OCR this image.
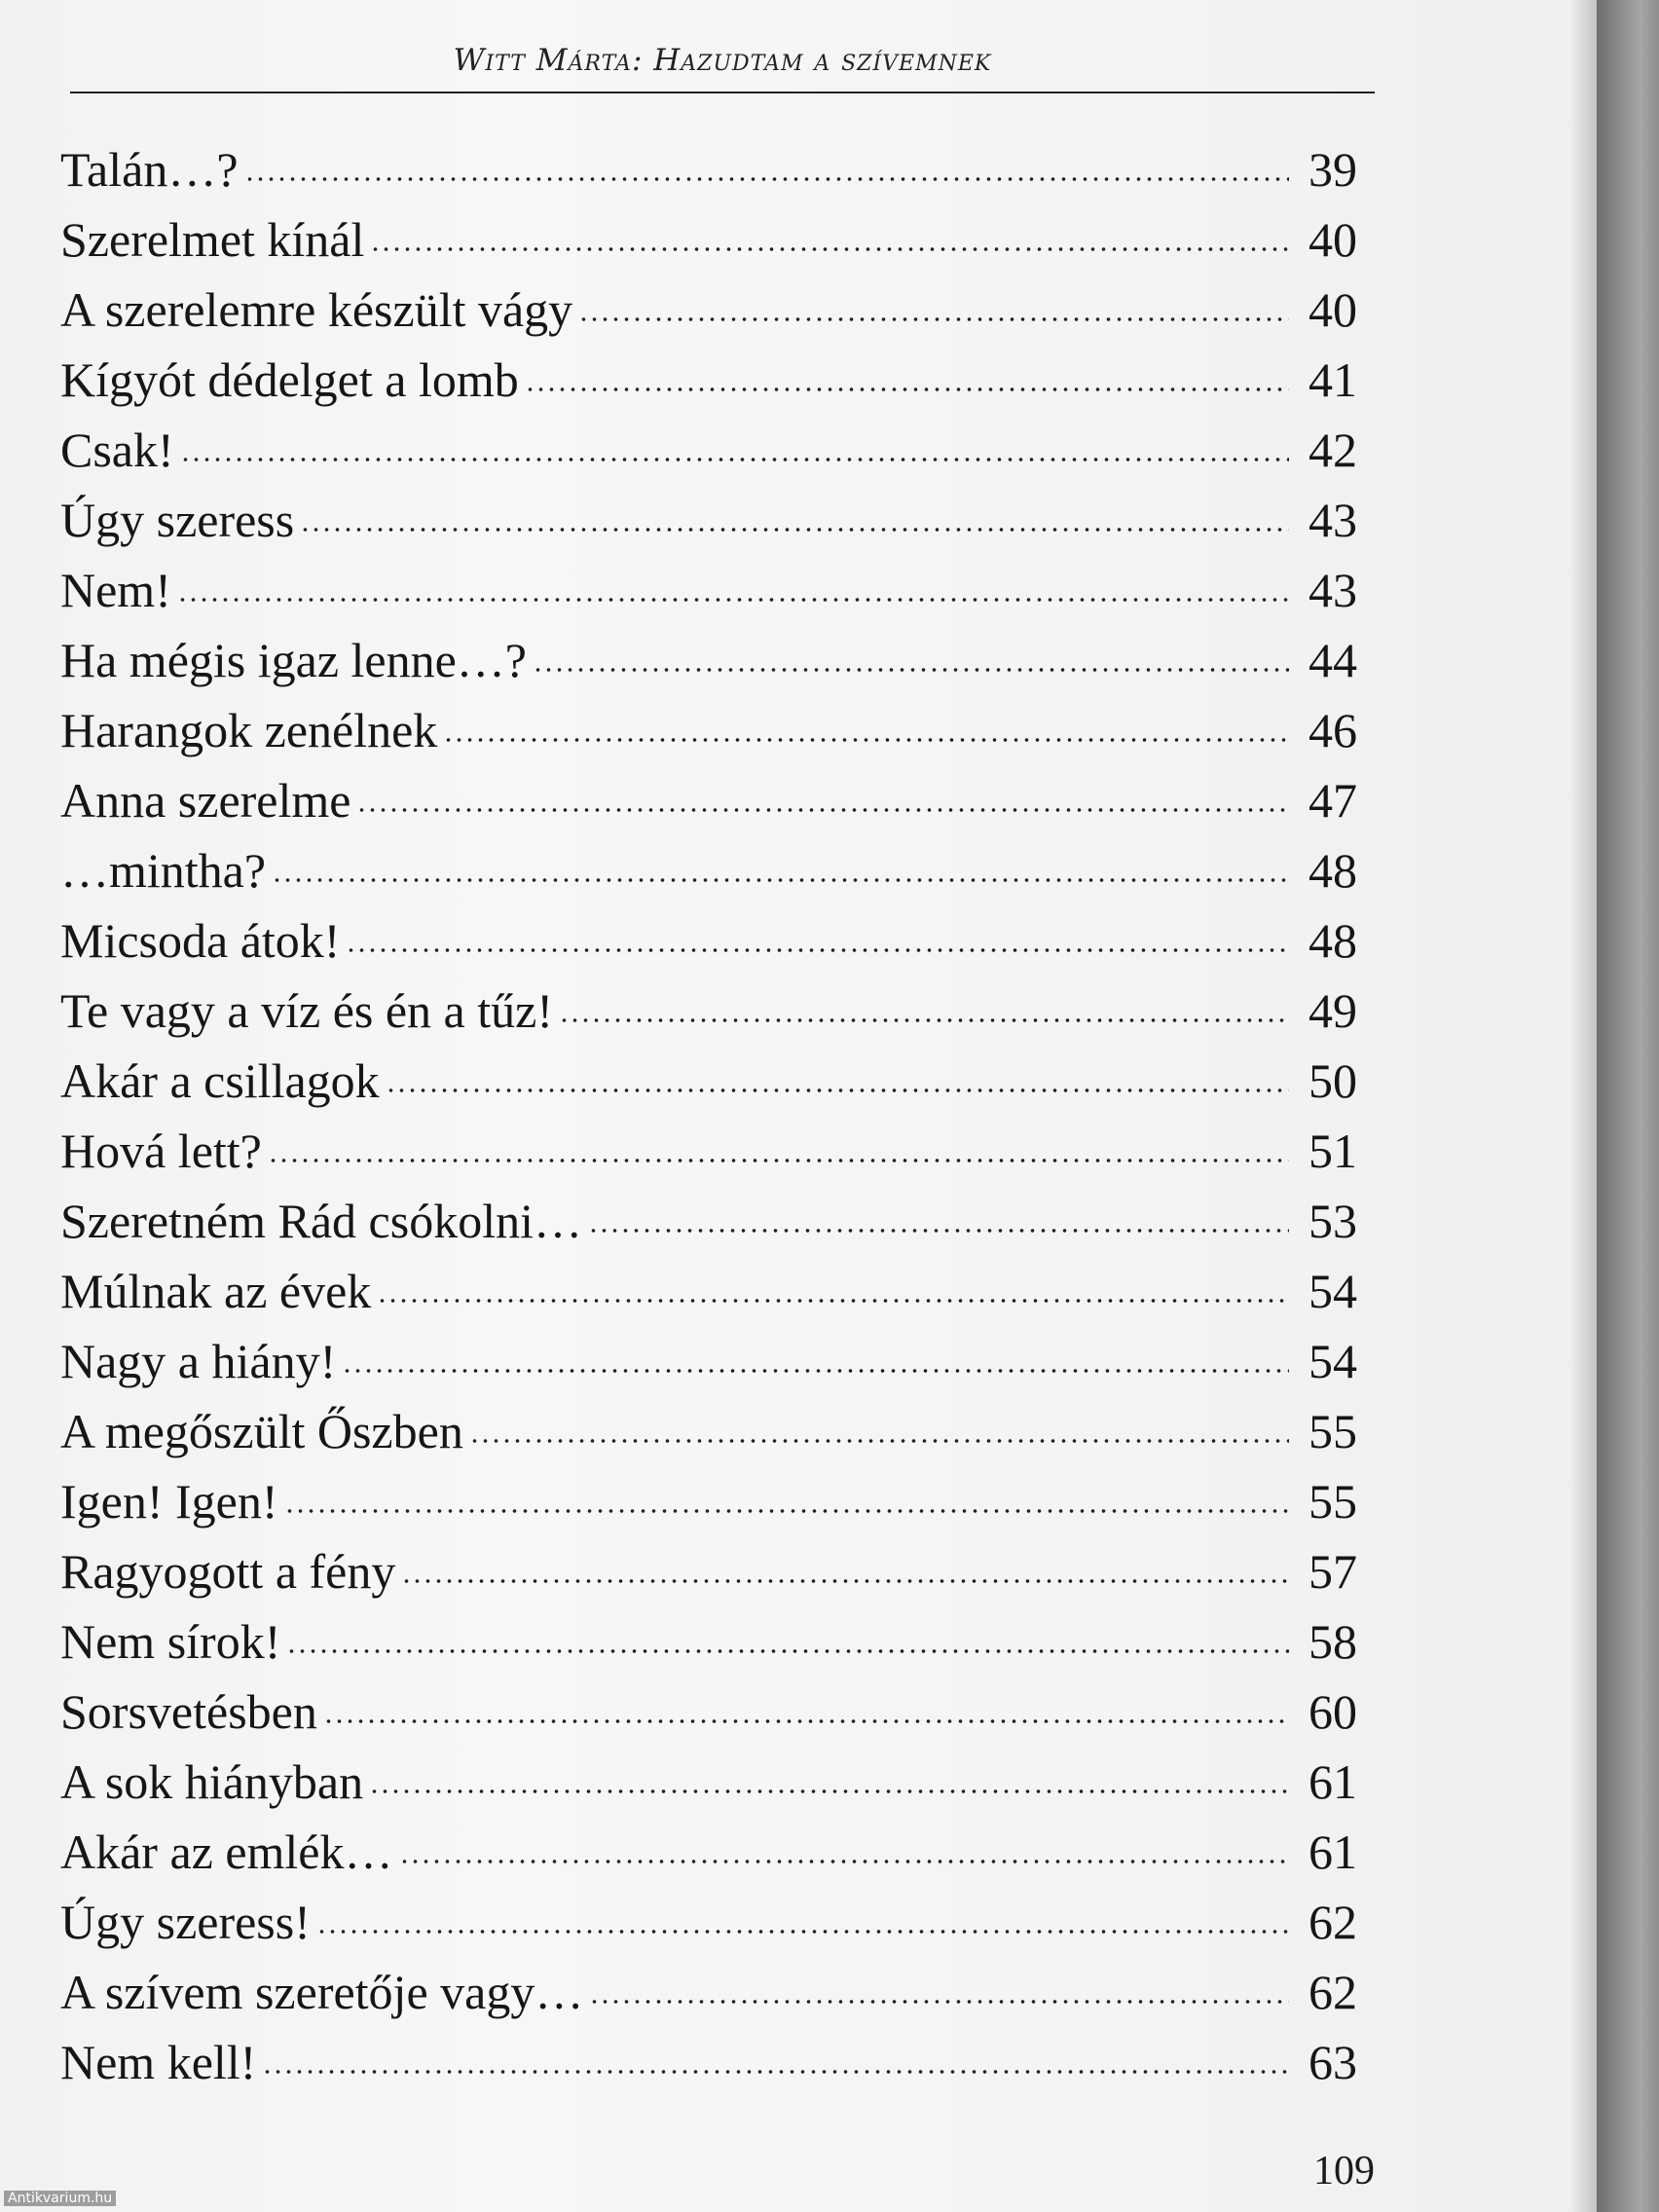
Witt Márta: Hazudtam a szívemnek
Talán…?	39
Szerelmet kínál	40
A szerelemre készült vágy	40
Kígyót dédelget a lomb	41
Csak!	42
Úgy szeress	43
Nem!	43
Ha mégis igaz lenne…?	44
Harangok zenélnek	46
Anna szerelme	47
…mintha?	48
Micsoda átok!	48
Te vagy a víz és én a tűz!	49
Akár a csillagok	50
Hová lett?	51
Szeretném Rád csókolni…	53
Múlnak az évek	54
Nagy a hiány!	54
A megőszült Őszben	55
Igen! Igen!	55
Ragyogott a fény	57
Nem sírok!	58
Sorsvetésben	60
A sok hiányban	61
Akár az emlék…	61
Úgy szeress!	62
A szívem szeretője vagy…	62
Nem kell!	63
109
Antikvarium.hu
